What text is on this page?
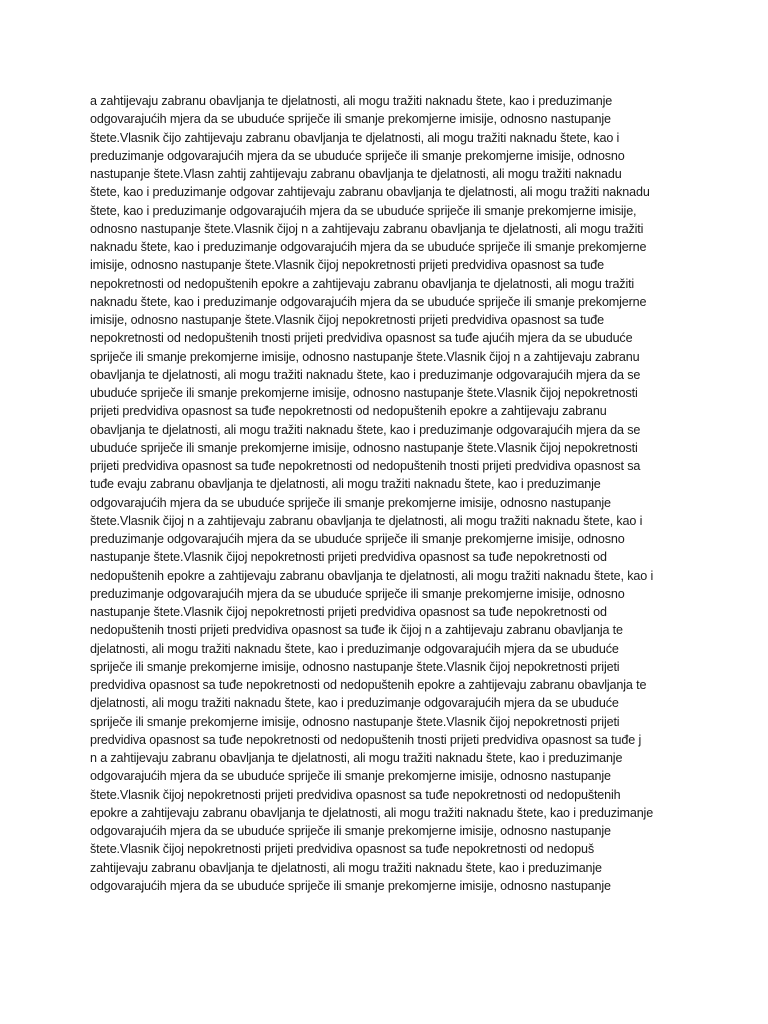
a zahtijevaju zabranu obavljanja te djelatnosti, ali mogu tražiti naknadu štete, kao i preduzimanje
odgovarajućih mjera da se ubuduće spriječe ili smanje prekomjerne imisije, odnosno nastupanje
štete.Vlasnik čijo zahtijevaju zabranu obavljanja te djelatnosti, ali mogu tražiti naknadu štete, kao i
preduzimanje odgovarajućih mjera da se ubuduće spriječe ili smanje prekomjerne imisije, odnosno
nastupanje štete.Vlasn zahtij zahtijevaju zabranu obavljanja te djelatnosti, ali mogu tražiti naknadu
štete, kao i preduzimanje odgovar zahtijevaju zabranu obavljanja te djelatnosti, ali mogu tražiti naknadu
štete, kao i preduzimanje odgovarajućih mjera da se ubuduće spriječe ili smanje prekomjerne imisije,
odnosno nastupanje štete.Vlasnik čijoj n a zahtijevaju zabranu obavljanja te djelatnosti, ali mogu tražiti
naknadu štete, kao i preduzimanje odgovarajućih mjera da se ubuduće spriječe ili smanje prekomjerne
imisije, odnosno nastupanje štete.Vlasnik čijoj nepokretnosti prijeti predvidiva opasnost sa tuđe
nepokretnosti od nedopuštenih epokre a zahtijevaju zabranu obavljanja te djelatnosti, ali mogu tražiti
naknadu štete, kao i preduzimanje odgovarajućih mjera da se ubuduće spriječe ili smanje prekomjerne
imisije, odnosno nastupanje štete.Vlasnik čijoj nepokretnosti prijeti predvidiva opasnost sa tuđe
nepokretnosti od nedopuštenih tnosti prijeti predvidiva opasnost sa tuđe ajućih mjera da se ubuduće
spriječe ili smanje prekomjerne imisije, odnosno nastupanje štete.Vlasnik čijoj n a zahtijevaju zabranu
obavljanja te djelatnosti, ali mogu tražiti naknadu štete, kao i preduzimanje odgovarajućih mjera da se
ubuduće spriječe ili smanje prekomjerne imisije, odnosno nastupanje štete.Vlasnik čijoj nepokretnosti
prijeti predvidiva opasnost sa tuđe nepokretnosti od nedopuštenih epokre a zahtijevaju zabranu
obavljanja te djelatnosti, ali mogu tražiti naknadu štete, kao i preduzimanje odgovarajućih mjera da se
ubuduće spriječe ili smanje prekomjerne imisije, odnosno nastupanje štete.Vlasnik čijoj nepokretnosti
prijeti predvidiva opasnost sa tuđe nepokretnosti od nedopuštenih tnosti prijeti predvidiva opasnost sa
tuđe evaju zabranu obavljanja te djelatnosti, ali mogu tražiti naknadu štete, kao i preduzimanje
odgovarajućih mjera da se ubuduće spriječe ili smanje prekomjerne imisije, odnosno nastupanje
štete.Vlasnik čijoj n a zahtijevaju zabranu obavljanja te djelatnosti, ali mogu tražiti naknadu štete, kao i
preduzimanje odgovarajućih mjera da se ubuduće spriječe ili smanje prekomjerne imisije, odnosno
nastupanje štete.Vlasnik čijoj nepokretnosti prijeti predvidiva opasnost sa tuđe nepokretnosti od
nedopuštenih epokre a zahtijevaju zabranu obavljanja te djelatnosti, ali mogu tražiti naknadu štete, kao i
preduzimanje odgovarajućih mjera da se ubuduće spriječe ili smanje prekomjerne imisije, odnosno
nastupanje štete.Vlasnik čijoj nepokretnosti prijeti predvidiva opasnost sa tuđe nepokretnosti od
nedopuštenih tnosti prijeti predvidiva opasnost sa tuđe ik čijoj n a zahtijevaju zabranu obavljanja te
djelatnosti, ali mogu tražiti naknadu štete, kao i preduzimanje odgovarajućih mjera da se ubuduće
spriječe ili smanje prekomjerne imisije, odnosno nastupanje štete.Vlasnik čijoj nepokretnosti prijeti
predvidiva opasnost sa tuđe nepokretnosti od nedopuštenih epokre a zahtijevaju zabranu obavljanja te
djelatnosti, ali mogu tražiti naknadu štete, kao i preduzimanje odgovarajućih mjera da se ubuduće
spriječe ili smanje prekomjerne imisije, odnosno nastupanje štete.Vlasnik čijoj nepokretnosti prijeti
predvidiva opasnost sa tuđe nepokretnosti od nedopuštenih tnosti prijeti predvidiva opasnost sa tuđe j
n a zahtijevaju zabranu obavljanja te djelatnosti, ali mogu tražiti naknadu štete, kao i preduzimanje
odgovarajućih mjera da se ubuduće spriječe ili smanje prekomjerne imisije, odnosno nastupanje
štete.Vlasnik čijoj nepokretnosti prijeti predvidiva opasnost sa tuđe nepokretnosti od nedopuštenih
epokre a zahtijevaju zabranu obavljanja te djelatnosti, ali mogu tražiti naknadu štete, kao i preduzimanje
odgovarajućih mjera da se ubuduće spriječe ili smanje prekomjerne imisije, odnosno nastupanje
štete.Vlasnik čijoj nepokretnosti prijeti predvidiva opasnost sa tuđe nepokretnosti od nedopuš
zahtijevaju zabranu obavljanja te djelatnosti, ali mogu tražiti naknadu štete, kao i preduzimanje
odgovarajućih mjera da se ubuduće spriječe ili smanje prekomjerne imisije, odnosno nastupanje
